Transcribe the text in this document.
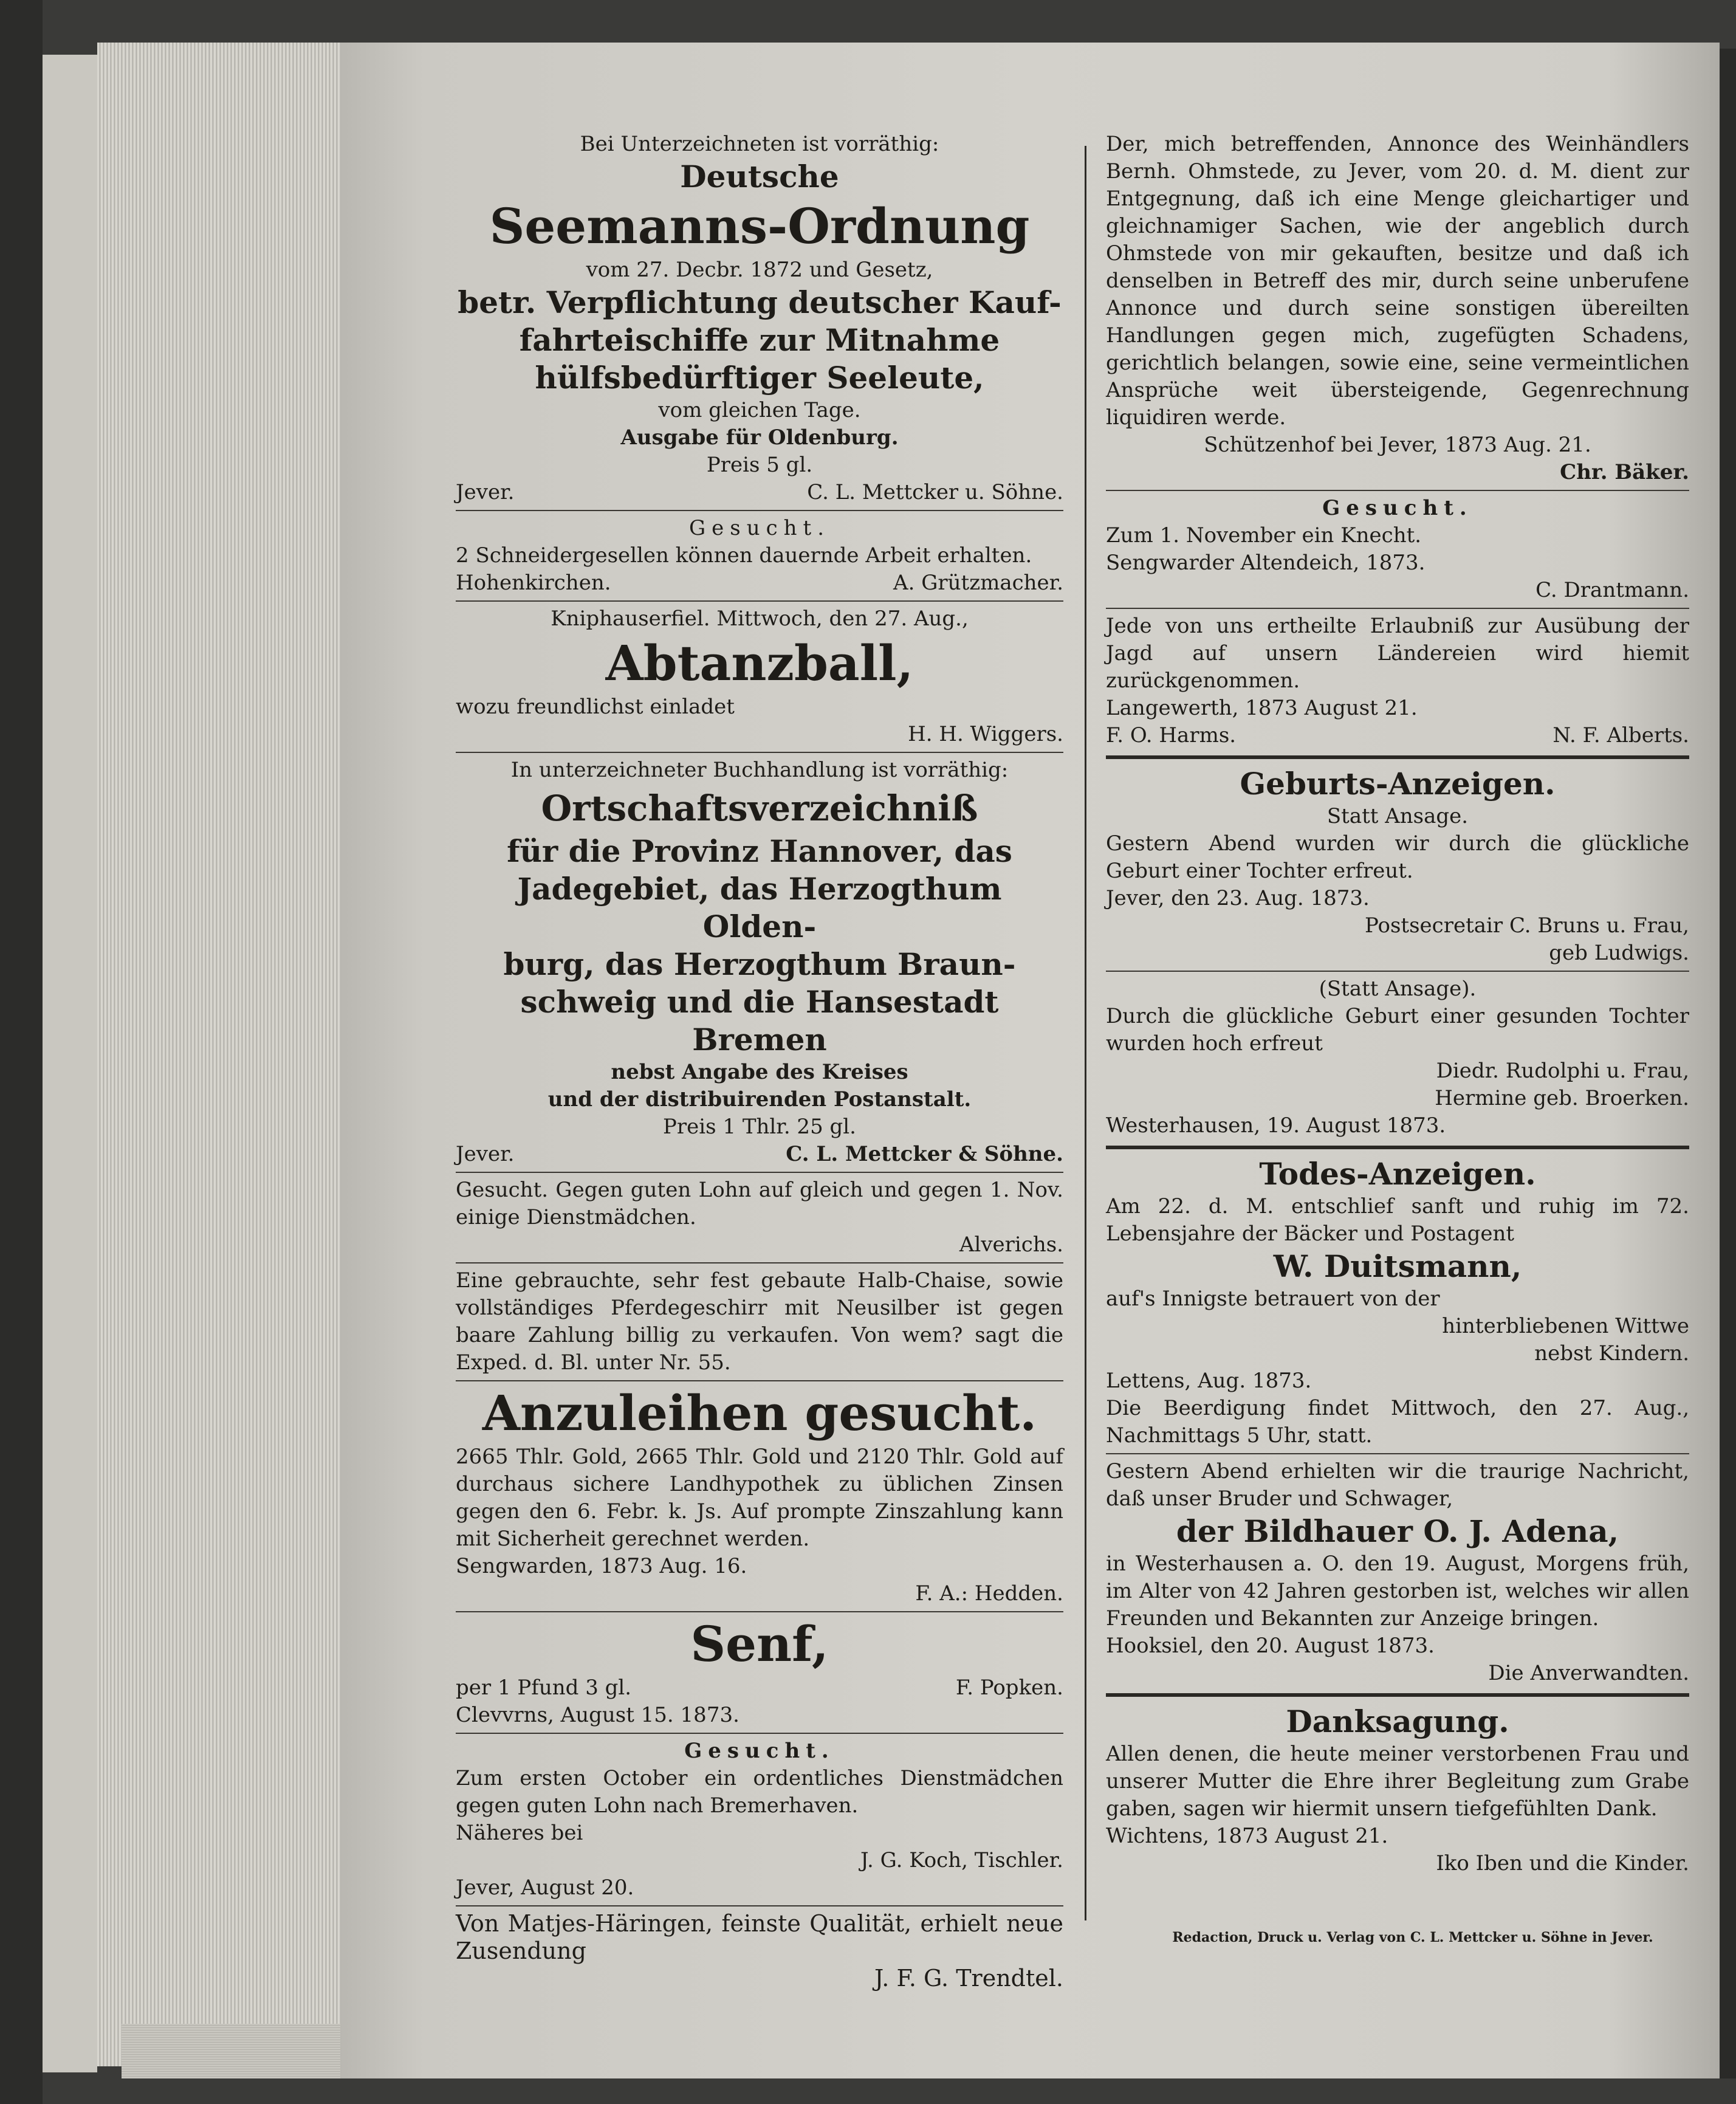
Bei Unterzeichneten ist vorräthig:

Deutsche

Seemanns-Ordnung

vom 27. Decbr. 1872 und Gesetz,

betr. Verpflichtung deutscher Kauf-

fahrteischiffe zur Mitnahme

hülfsbedürftiger Seeleute,

vom gleichen Tage.

Ausgabe für Oldenburg.

Preis 5 gl.

Jever.	C. L. Mettcker u. Söhne.

Gesucht.

2 Schneidergesellen können dauernde Arbeit erhalten.

Hohenkirchen.	A. Grützmacher.

Kniphauserfiel. Mittwoch, den 27. Aug.,

Abtanzball,

wozu freundlichst einladet

H. H. Wiggers.

In unterzeichneter Buchhandlung ist vorräthig:

Ortschaftsverzeichniß

für die Provinz Hannover, das

Jadegebiet, das Herzogthum Olden-

burg, das Herzogthum Braun-

schweig und die Hansestadt Bremen

nebst Angabe des Kreises

und der distribuirenden Postanstalt.

Preis 1 Thlr. 25 gl.

Jever.	C. L. Mettcker & Söhne.

Gesucht. Gegen guten Lohn auf gleich und gegen 1. Nov. einige Dienstmädchen.

Alverichs.

Eine gebrauchte, sehr fest gebaute Halb-Chaise, sowie vollständiges Pferdegeschirr mit Neusilber ist gegen baare Zahlung billig zu verkaufen. Von wem? sagt die Exped. d. Bl. unter Nr. 55.

Anzuleihen gesucht.

2665 Thlr. Gold, 2665 Thlr. Gold und 2120 Thlr. Gold auf durchaus sichere Landhypothek zu üblichen Zinsen gegen den 6. Febr. k. Js. Auf prompte Zinszahlung kann mit Sicherheit gerechnet werden.

Sengwarden, 1873 Aug. 16.

F. A.: Hedden.

Senf,

per 1 Pfund 3 gl.	F. Popken.

Clevvrns, August 15. 1873.

Gesucht.

Zum ersten October ein ordentliches Dienstmädchen gegen guten Lohn nach Bremerhaven.

Näheres bei

J. G. Koch, Tischler.

Jever, August 20.

Von Matjes-Häringen, feinste Qualität, erhielt neue Zusendung

J. F. G. Trendtel.

Der, mich betreffenden, Annonce des Weinhändlers Bernh. Ohmstede, zu Jever, vom 20. d. M. dient zur Entgegnung, daß ich eine Menge gleichartiger und gleichnamiger Sachen, wie der angeblich durch Ohmstede von mir gekauften, besitze und daß ich denselben in Betreff des mir, durch seine unberufene Annonce und durch seine sonstigen übereilten Handlungen gegen mich, zugefügten Schadens, gerichtlich belangen, sowie eine, seine vermeintlichen Ansprüche weit übersteigende, Gegenrechnung liquidiren werde.

Schützenhof bei Jever, 1873 Aug. 21.

Chr. Bäker.

Gesucht.

Zum 1. November ein Knecht.

Sengwarder Altendeich, 1873.

C. Drantmann.

Jede von uns ertheilte Erlaubniß zur Ausübung der Jagd auf unsern Ländereien wird hiemit zurückgenommen.

Langewerth, 1873 August 21.

F. O. Harms.	N. F. Alberts.

Geburts-Anzeigen.

Statt Ansage.

Gestern Abend wurden wir durch die glückliche Geburt einer Tochter erfreut.

Jever, den 23. Aug. 1873.

Postsecretair C. Bruns u. Frau,

geb Ludwigs.

(Statt Ansage).

Durch die glückliche Geburt einer gesunden Tochter wurden hoch erfreut

Diedr. Rudolphi u. Frau,

Hermine geb. Broerken.

Westerhausen, 19. August 1873.

Todes-Anzeigen.

Am 22. d. M. entschlief sanft und ruhig im 72. Lebensjahre der Bäcker und Postagent

W. Duitsmann,

auf's Innigste betrauert von der

hinterbliebenen Wittwe

nebst Kindern.

Lettens, Aug. 1873.

Die Beerdigung findet Mittwoch, den 27. Aug., Nachmittags 5 Uhr, statt.

Gestern Abend erhielten wir die traurige Nachricht, daß unser Bruder und Schwager,

der Bildhauer O. J. Adena,

in Westerhausen a. O. den 19. August, Morgens früh, im Alter von 42 Jahren gestorben ist, welches wir allen Freunden und Bekannten zur Anzeige bringen.

Hooksiel, den 20. August 1873.

Die Anverwandten.

Danksagung.

Allen denen, die heute meiner verstorbenen Frau und unserer Mutter die Ehre ihrer Begleitung zum Grabe gaben, sagen wir hiermit unsern tiefgefühlten Dank.

Wichtens, 1873 August 21.

Iko Iben und die Kinder.

Redaction, Druck u. Verlag von C. L. Mettcker u. Söhne in Jever.
